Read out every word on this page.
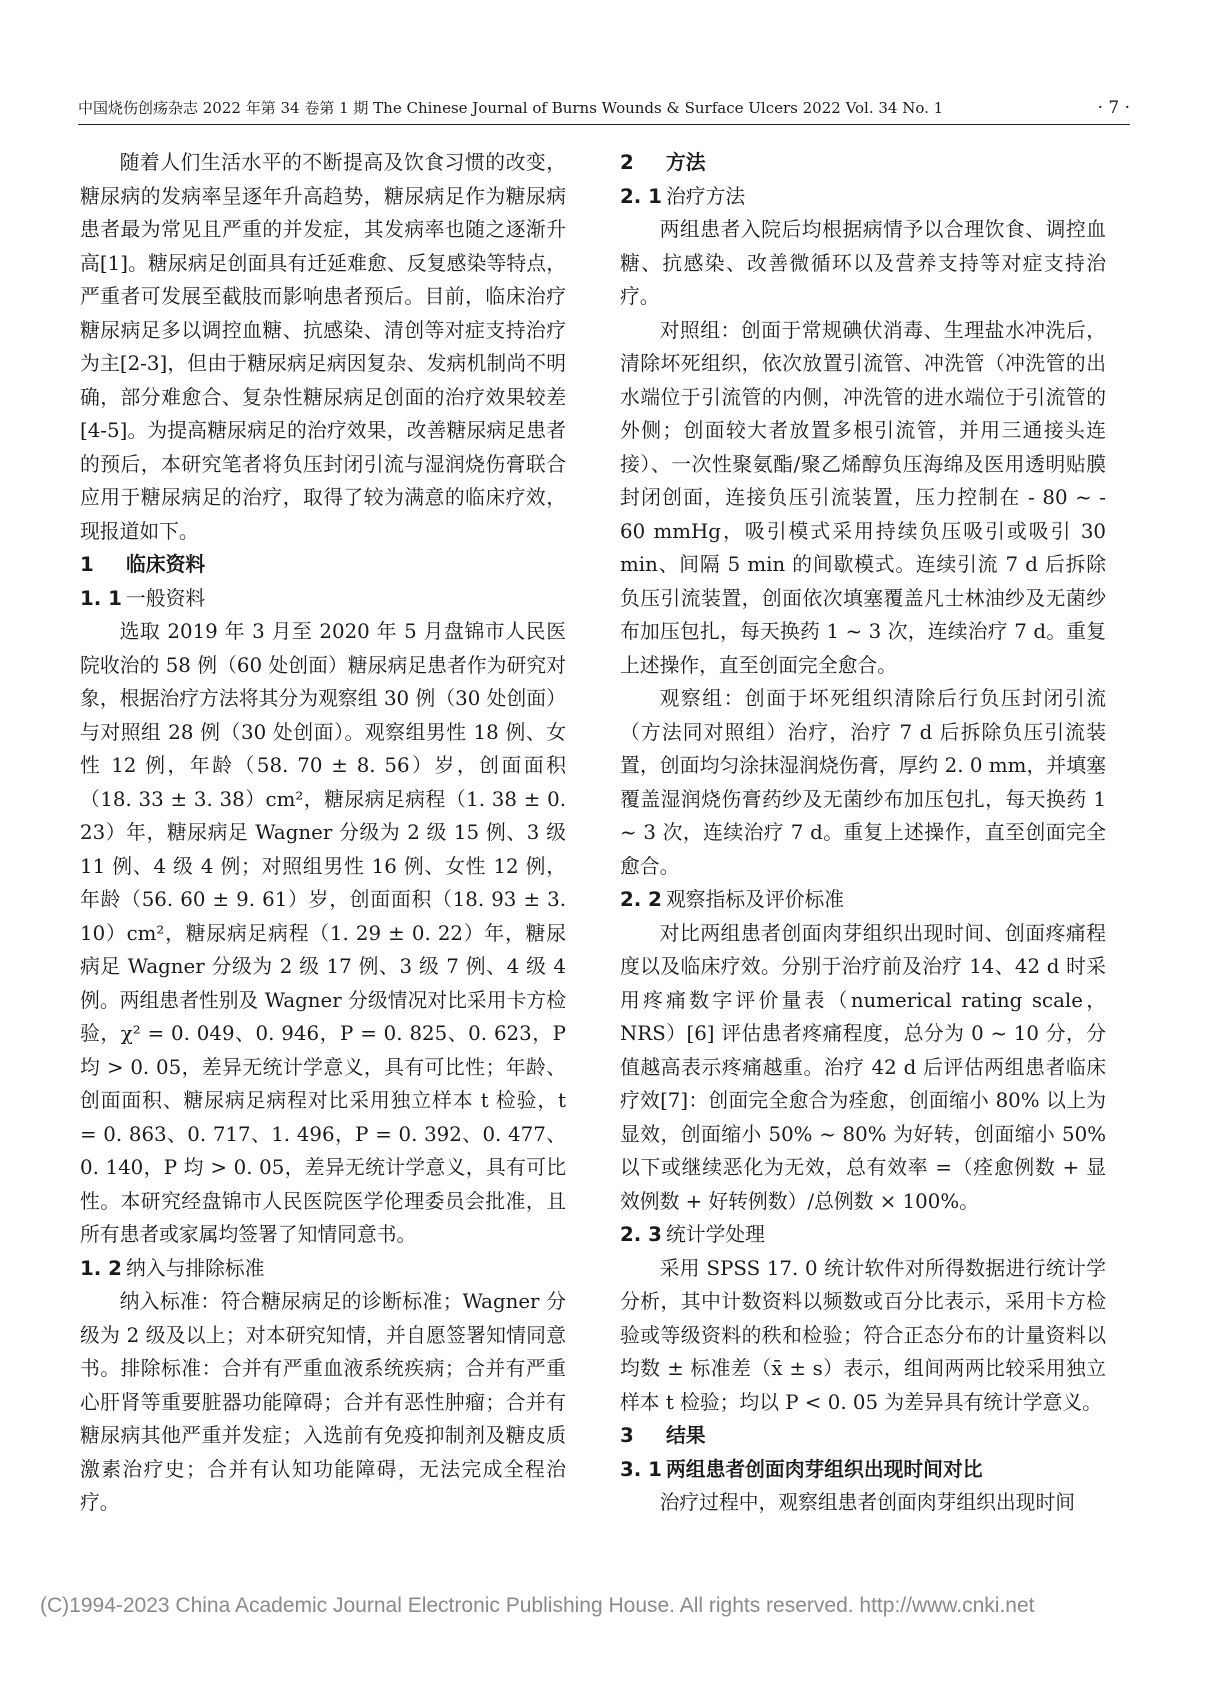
中国烧伤创疡杂志 2022 年第 34 卷第 1 期 The Chinese Journal of Burns Wounds & Surface Ulcers 2022 Vol. 34 No. 1	· 7 ·

随着人们生活水平的不断提高及饮食习惯的改变，糖尿病的发病率呈逐年升高趋势，糖尿病足作为糖尿病患者最为常见且严重的并发症，其发病率也随之逐渐升高[1]。糖尿病足创面具有迁延难愈、反复感染等特点，严重者可发展至截肢而影响患者预后。目前，临床治疗糖尿病足多以调控血糖、抗感染、清创等对症支持治疗为主[2-3]，但由于糖尿病足病因复杂、发病机制尚不明确，部分难愈合、复杂性糖尿病足创面的治疗效果较差[4-5]。为提高糖尿病足的治疗效果，改善糖尿病足患者的预后，本研究笔者将负压封闭引流与湿润烧伤膏联合应用于糖尿病足的治疗，取得了较为满意的临床疗效，现报道如下。

1 临床资料
1. 1 一般资料

选取 2019 年 3 月至 2020 年 5 月盘锦市人民医院收治的 58 例（60 处创面）糖尿病足患者作为研究对象，根据治疗方法将其分为观察组 30 例（30 处创面）与对照组 28 例（30 处创面）。观察组男性 18 例、女性 12 例，年龄（58. 70 ± 8. 56）岁，创面面积（18. 33 ± 3. 38）cm²，糖尿病足病程（1. 38 ± 0. 23）年，糖尿病足 Wagner 分级为 2 级 15 例、3 级 11 例、4 级 4 例；对照组男性 16 例、女性 12 例，年龄（56. 60 ± 9. 61）岁，创面面积（18. 93 ± 3. 10）cm²，糖尿病足病程（1. 29 ± 0. 22）年，糖尿病足 Wagner 分级为 2 级 17 例、3 级 7 例、4 级 4 例。两组患者性别及 Wagner 分级情况对比采用卡方检验，χ² = 0. 049、0. 946，P = 0. 825、0. 623，P 均 > 0. 05，差异无统计学意义，具有可比性；年龄、创面面积、糖尿病足病程对比采用独立样本 t 检验，t = 0. 863、0. 717、1. 496，P = 0. 392、0. 477、0. 140，P 均 > 0. 05，差异无统计学意义，具有可比性。本研究经盘锦市人民医院医学伦理委员会批准，且所有患者或家属均签署了知情同意书。

1. 2 纳入与排除标准

纳入标准：符合糖尿病足的诊断标准；Wagner 分级为 2 级及以上；对本研究知情，并自愿签署知情同意书。排除标准：合并有严重血液系统疾病；合并有严重心肝肾等重要脏器功能障碍；合并有恶性肿瘤；合并有糖尿病其他严重并发症；入选前有免疫抑制剂及糖皮质激素治疗史；合并有认知功能障碍，无法完成全程治疗。

2 方法
2. 1 治疗方法

两组患者入院后均根据病情予以合理饮食、调控血糖、抗感染、改善微循环以及营养支持等对症支持治疗。

对照组：创面于常规碘伏消毒、生理盐水冲洗后，清除坏死组织，依次放置引流管、冲洗管（冲洗管的出水端位于引流管的内侧，冲洗管的进水端位于引流管的外侧；创面较大者放置多根引流管，并用三通接头连接）、一次性聚氨酯/聚乙烯醇负压海绵及医用透明贴膜封闭创面，连接负压引流装置，压力控制在 - 80 ~ - 60 mmHg，吸引模式采用持续负压吸引或吸引 30 min、间隔 5 min 的间歇模式。连续引流 7 d 后拆除负压引流装置，创面依次填塞覆盖凡士林油纱及无菌纱布加压包扎，每天换药 1 ~ 3 次，连续治疗 7 d。重复上述操作，直至创面完全愈合。

观察组：创面于坏死组织清除后行负压封闭引流（方法同对照组）治疗，治疗 7 d 后拆除负压引流装置，创面均匀涂抹湿润烧伤膏，厚约 2. 0 mm，并填塞覆盖湿润烧伤膏药纱及无菌纱布加压包扎，每天换药 1 ~ 3 次，连续治疗 7 d。重复上述操作，直至创面完全愈合。

2. 2 观察指标及评价标准

对比两组患者创面肉芽组织出现时间、创面疼痛程度以及临床疗效。分别于治疗前及治疗 14、42 d 时采用疼痛数字评价量表（numerical rating scale，NRS）[6] 评估患者疼痛程度，总分为 0 ~ 10 分，分值越高表示疼痛越重。治疗 42 d 后评估两组患者临床疗效[7]：创面完全愈合为痊愈，创面缩小 80% 以上为显效，创面缩小 50% ~ 80% 为好转，创面缩小 50% 以下或继续恶化为无效，总有效率 =（痊愈例数 + 显效例数 + 好转例数）/总例数 × 100%。

2. 3 统计学处理

采用 SPSS 17. 0 统计软件对所得数据进行统计学分析，其中计数资料以频数或百分比表示，采用卡方检验或等级资料的秩和检验；符合正态分布的计量资料以均数 ± 标准差（x̄ ± s）表示，组间两两比较采用独立样本 t 检验；均以 P < 0. 05 为差异具有统计学意义。

3 结果
3. 1 两组患者创面肉芽组织出现时间对比

治疗过程中，观察组患者创面肉芽组织出现时间

(C)1994-2023 China Academic Journal Electronic Publishing House. All rights reserved. http://www.cnki.net
